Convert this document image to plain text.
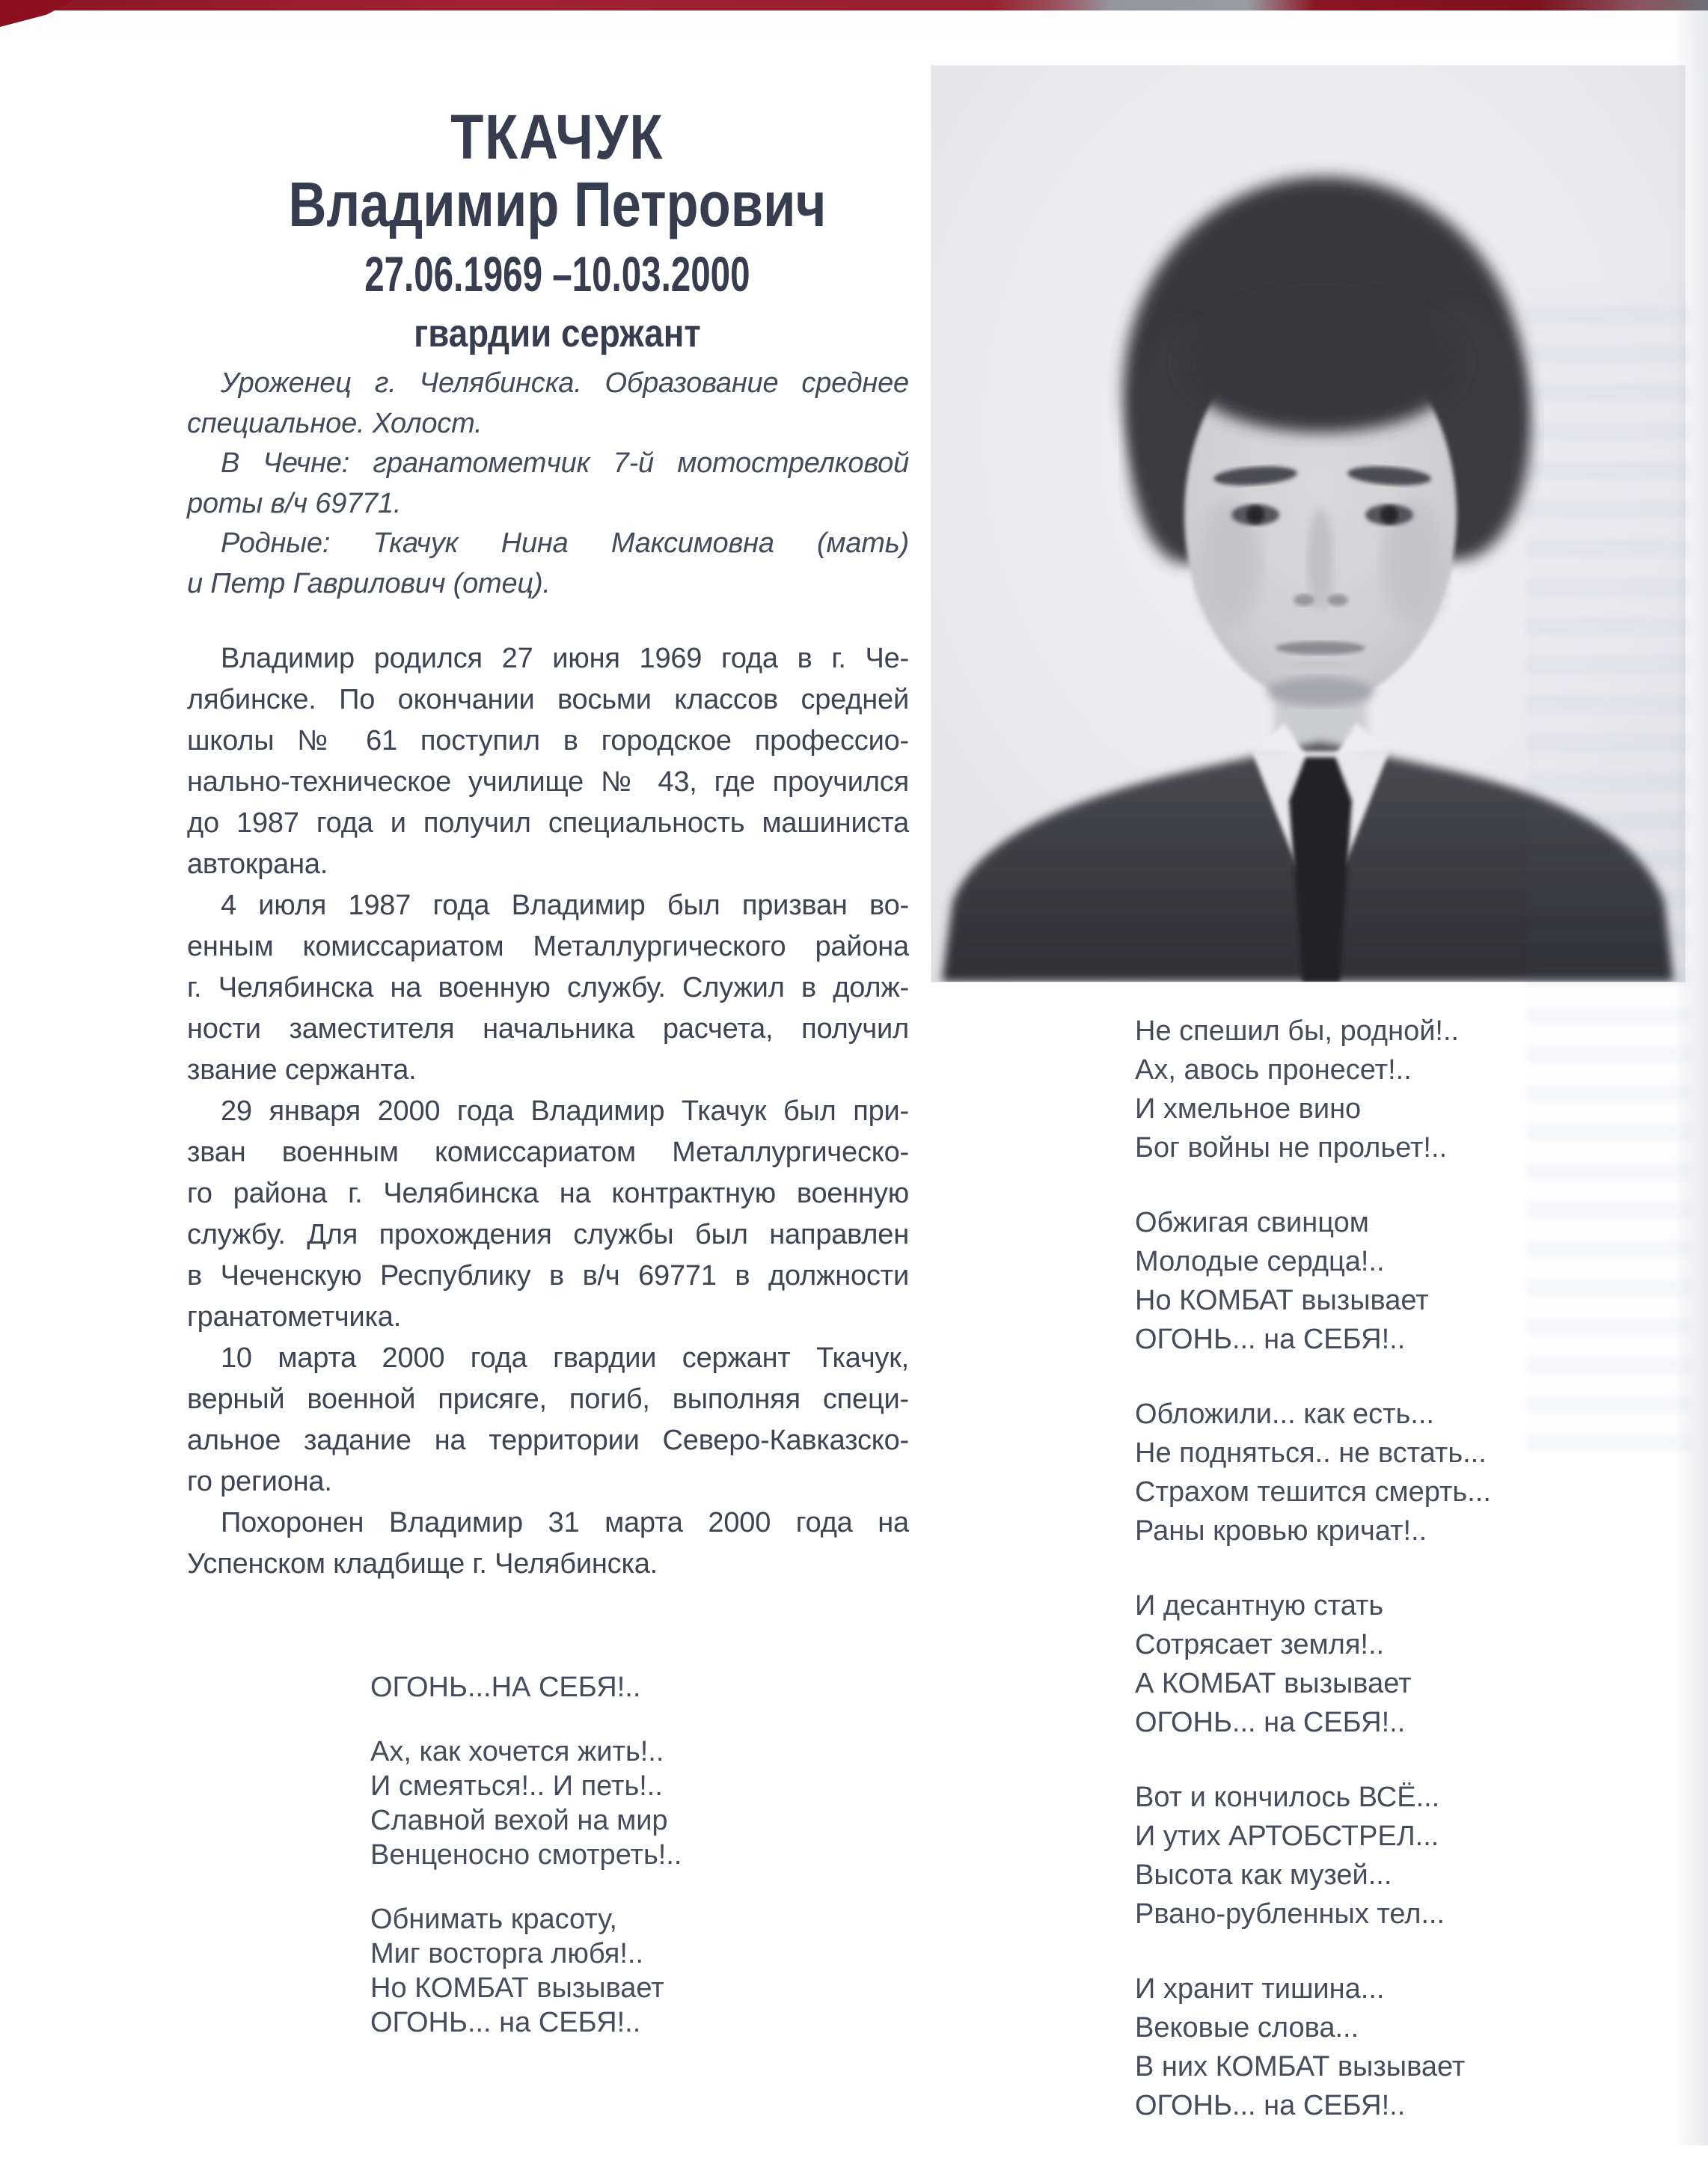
ТКАЧУК
Владимир Петрович
27.06.1969 –10.03.2000
гвардии сержант
Уроженец г. Челябинска. Образование среднее
специальное. Холост.
В Чечне: гранатометчик 7-й мотострелковой
роты в/ч 69771.
Родные: Ткачук Нина Максимовна (мать)
и Петр Гаврилович (отец).
Владимир родился 27 июня 1969 года в г. Че-
лябинске. По окончании восьми классов средней
школы № 61 поступил в городское профессио-
нально-техническое училище № 43, где проучился
до 1987 года и получил специальность машиниста
автокрана.
4 июля 1987 года Владимир был призван во-
енным комиссариатом Металлургического района
г. Челябинска на военную службу. Служил в долж-
ности заместителя начальника расчета, получил
звание сержанта.
29 января 2000 года Владимир Ткачук был при-
зван военным комиссариатом Металлургическо-
го района г. Челябинска на контрактную военную
службу. Для прохождения службы был направлен
в Чеченскую Республику в в/ч 69771 в должности
гранатометчика.
10 марта 2000 года гвардии сержант Ткачук,
верный военной присяге, погиб, выполняя специ-
альное задание на территории Северо-Кавказско-
го региона.
Похоронен Владимир 31 марта 2000 года на
Успенском кладбище г. Челябинска.
ОГОНЬ...НА СЕБЯ!..
Ах, как хочется жить!..
И смеяться!.. И петь!..
Славной вехой на мир
Венценосно смотреть!..
Обнимать красоту,
Миг восторга любя!..
Но КОМБАТ вызывает
ОГОНЬ... на СЕБЯ!..
Не спешил бы, родной!..
Ах, авось пронесет!..
И хмельное вино
Бог войны не прольет!..
Обжигая свинцом
Молодые сердца!..
Но КОМБАТ вызывает
ОГОНЬ... на СЕБЯ!..
Обложили... как есть...
Не подняться.. не встать...
Страхом тешится смерть...
Раны кровью кричат!..
И десантную стать
Сотрясает земля!..
А КОМБАТ вызывает
ОГОНЬ... на СЕБЯ!..
Вот и кончилось ВСЁ...
И утих АРТОБСТРЕЛ...
Высота как музей...
Рвано-рубленных тел...
И хранит тишина...
Вековые слова...
В них КОМБАТ вызывает
ОГОНЬ... на СЕБЯ!..
